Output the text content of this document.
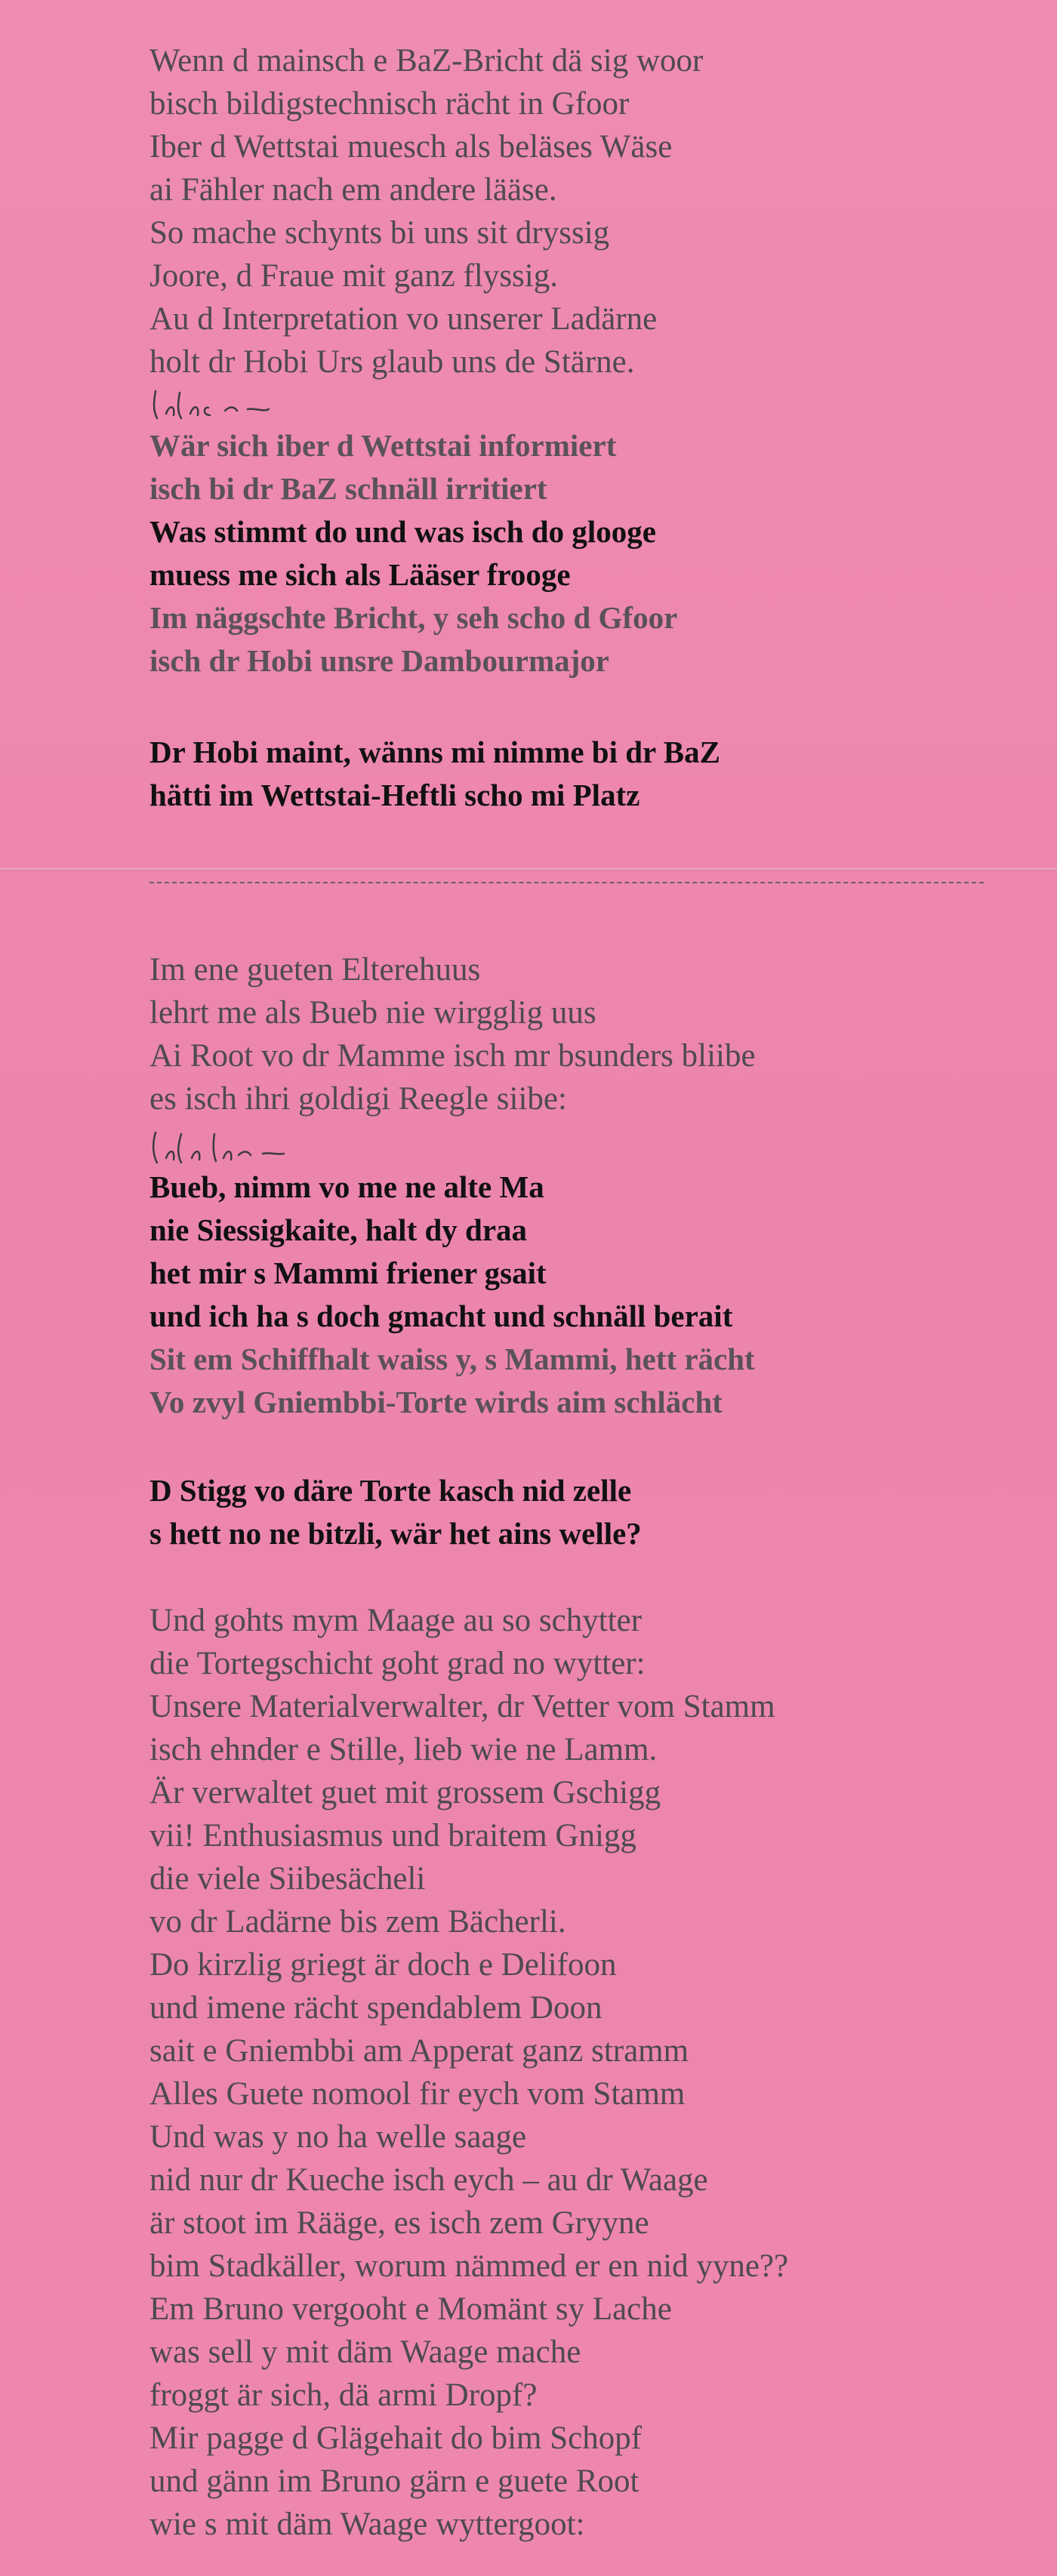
Wenn d mainsch e BaZ-Bricht dä sig woor
bisch bildigstechnisch rächt in Gfoor
Iber d Wettstai muesch als beläses Wäse
ai Fähler nach em andere lääse.
So mache schynts bi uns sit dryssig
Joore, d Fraue mit ganz flyssig.
Au d Interpretation vo unserer Ladärne
holt dr Hobi Urs glaub uns de Stärne.
Wär sich iber d Wettstai informiert
isch bi dr BaZ schnäll irritiert
Was stimmt do und was isch do glooge
muess me sich als Lääser frooge
Im näggschte Bricht, y seh scho d Gfoor
isch dr Hobi unsre Dambourmajor
Dr Hobi maint, wänns mi nimme bi dr BaZ
hätti im Wettstai-Heftli scho mi Platz
Im ene gueten Elterehuus
lehrt me als Bueb nie wirgglig uus
Ai Root vo dr Mamme isch mr bsunders bliibe
es isch ihri goldigi Reegle siibe:
Bueb, nimm vo me ne alte Ma
nie Siessigkaite, halt dy draa
het mir s Mammi friener gsait
und ich ha s doch gmacht und schnäll berait
Sit em Schiffhalt waiss y, s Mammi, hett rächt
Vo zvyl Gniembbi-Torte wirds aim schlächt
D Stigg vo däre Torte kasch nid zelle
s hett no ne bitzli, wär het ains welle?
Und gohts mym Maage au so schytter
die Tortegschicht goht grad no wytter:
Unsere Materialverwalter, dr Vetter vom Stamm
isch ehnder e Stille, lieb wie ne Lamm.
Är verwaltet guet mit grossem Gschigg
vii! Enthusiasmus und braitem Gnigg
die viele Siibesächeli
vo dr Ladärne bis zem Bächerli.
Do kirzlig griegt är doch e Delifoon
und imene rächt spendablem Doon
sait e Gniembbi am Apperat ganz stramm
Alles Guete nomool fir eych vom Stamm
Und was y no ha welle saage
nid nur dr Kueche isch eych – au dr Waage
är stoot im Rääge, es isch zem Gryyne
bim Stadkäller, worum nämmed er en nid yyne??
Em Bruno vergooht e Momänt sy Lache
was sell y mit däm Waage mache
froggt är sich, dä armi Dropf?
Mir pagge d Glägehait do bim Schopf
und gänn im Bruno gärn e guete Root
wie s mit däm Waage wyttergoot:
